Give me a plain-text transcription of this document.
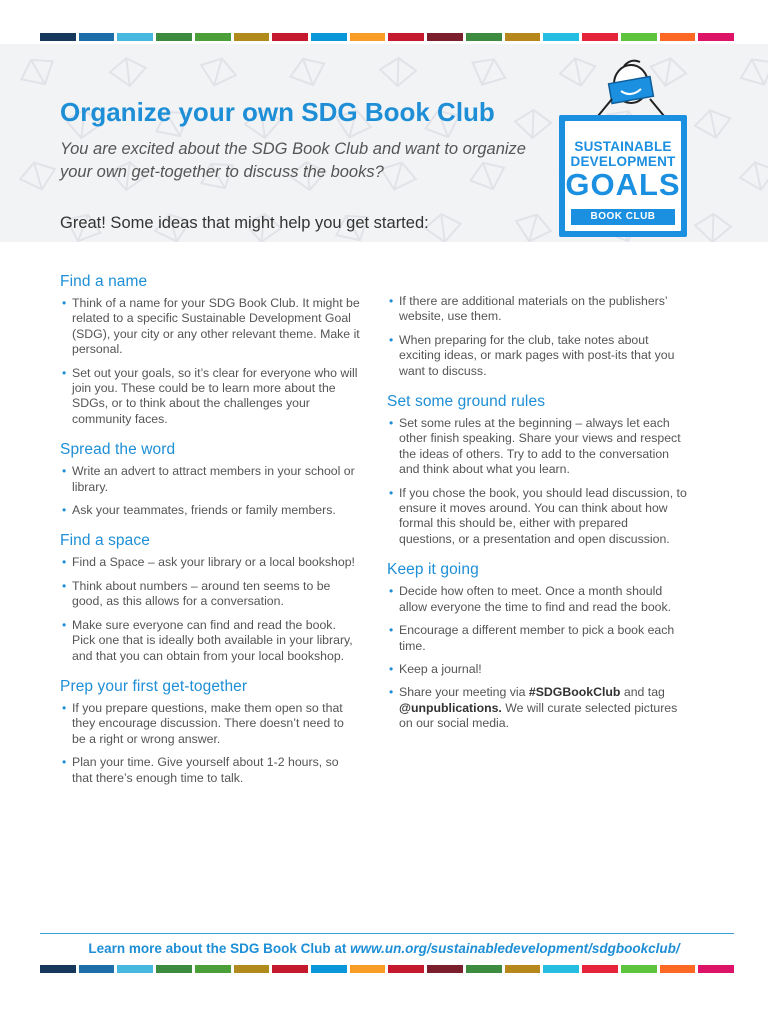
Organize your own SDG Book Club

You are excited about the SDG Book Club and want to organize your own get-together to discuss the books?

Great! Some ideas that might help you get started:

SUSTAINABLE
DEVELOPMENT
GOALS
BOOK CLUB
Find a name
• Think of a name for your SDG Book Club. It might be related to a specific Sustainable Development Goal (SDG), your city or any other relevant theme. Make it personal.
• Set out your goals, so it’s clear for everyone who will join you. These could be to learn more about the SDGs, or to think about the challenges your community faces.
Spread the word
• Write an advert to attract members in your school or library.
• Ask your teammates, friends or family members.
Find a space
• Find a Space – ask your library or a local bookshop!
• Think about numbers – around ten seems to be good, as this allows for a conversation.
• Make sure everyone can find and read the book. Pick one that is ideally both available in your library, and that you can obtain from your local bookshop.
Prep your first get-together
• If you prepare questions, make them open so that they encourage discussion. There doesn’t need to be a right or wrong answer.
• Plan your time. Give yourself about 1-2 hours, so that there’s enough time to talk.
• If there are additional materials on the publishers’ website, use them.
• When preparing for the club, take notes about exciting ideas, or mark pages with post-its that you want to discuss.
Set some ground rules
• Set some rules at the beginning – always let each other finish speaking. Share your views and respect the ideas of others. Try to add to the conversation and think about what you learn.
• If you chose the book, you should lead discussion, to ensure it moves around. You can think about how formal this should be, either with prepared questions, or a presentation and open discussion.
Keep it going
• Decide how often to meet. Once a month should allow everyone the time to find and read the book.
• Encourage a different member to pick a book each time.
• Keep a journal!
• Share your meeting via #SDGBookClub and tag @unpublications. We will curate selected pictures on our social media.
Learn more about the SDG Book Club at www.un.org/sustainabledevelopment/sdgbookclub/
